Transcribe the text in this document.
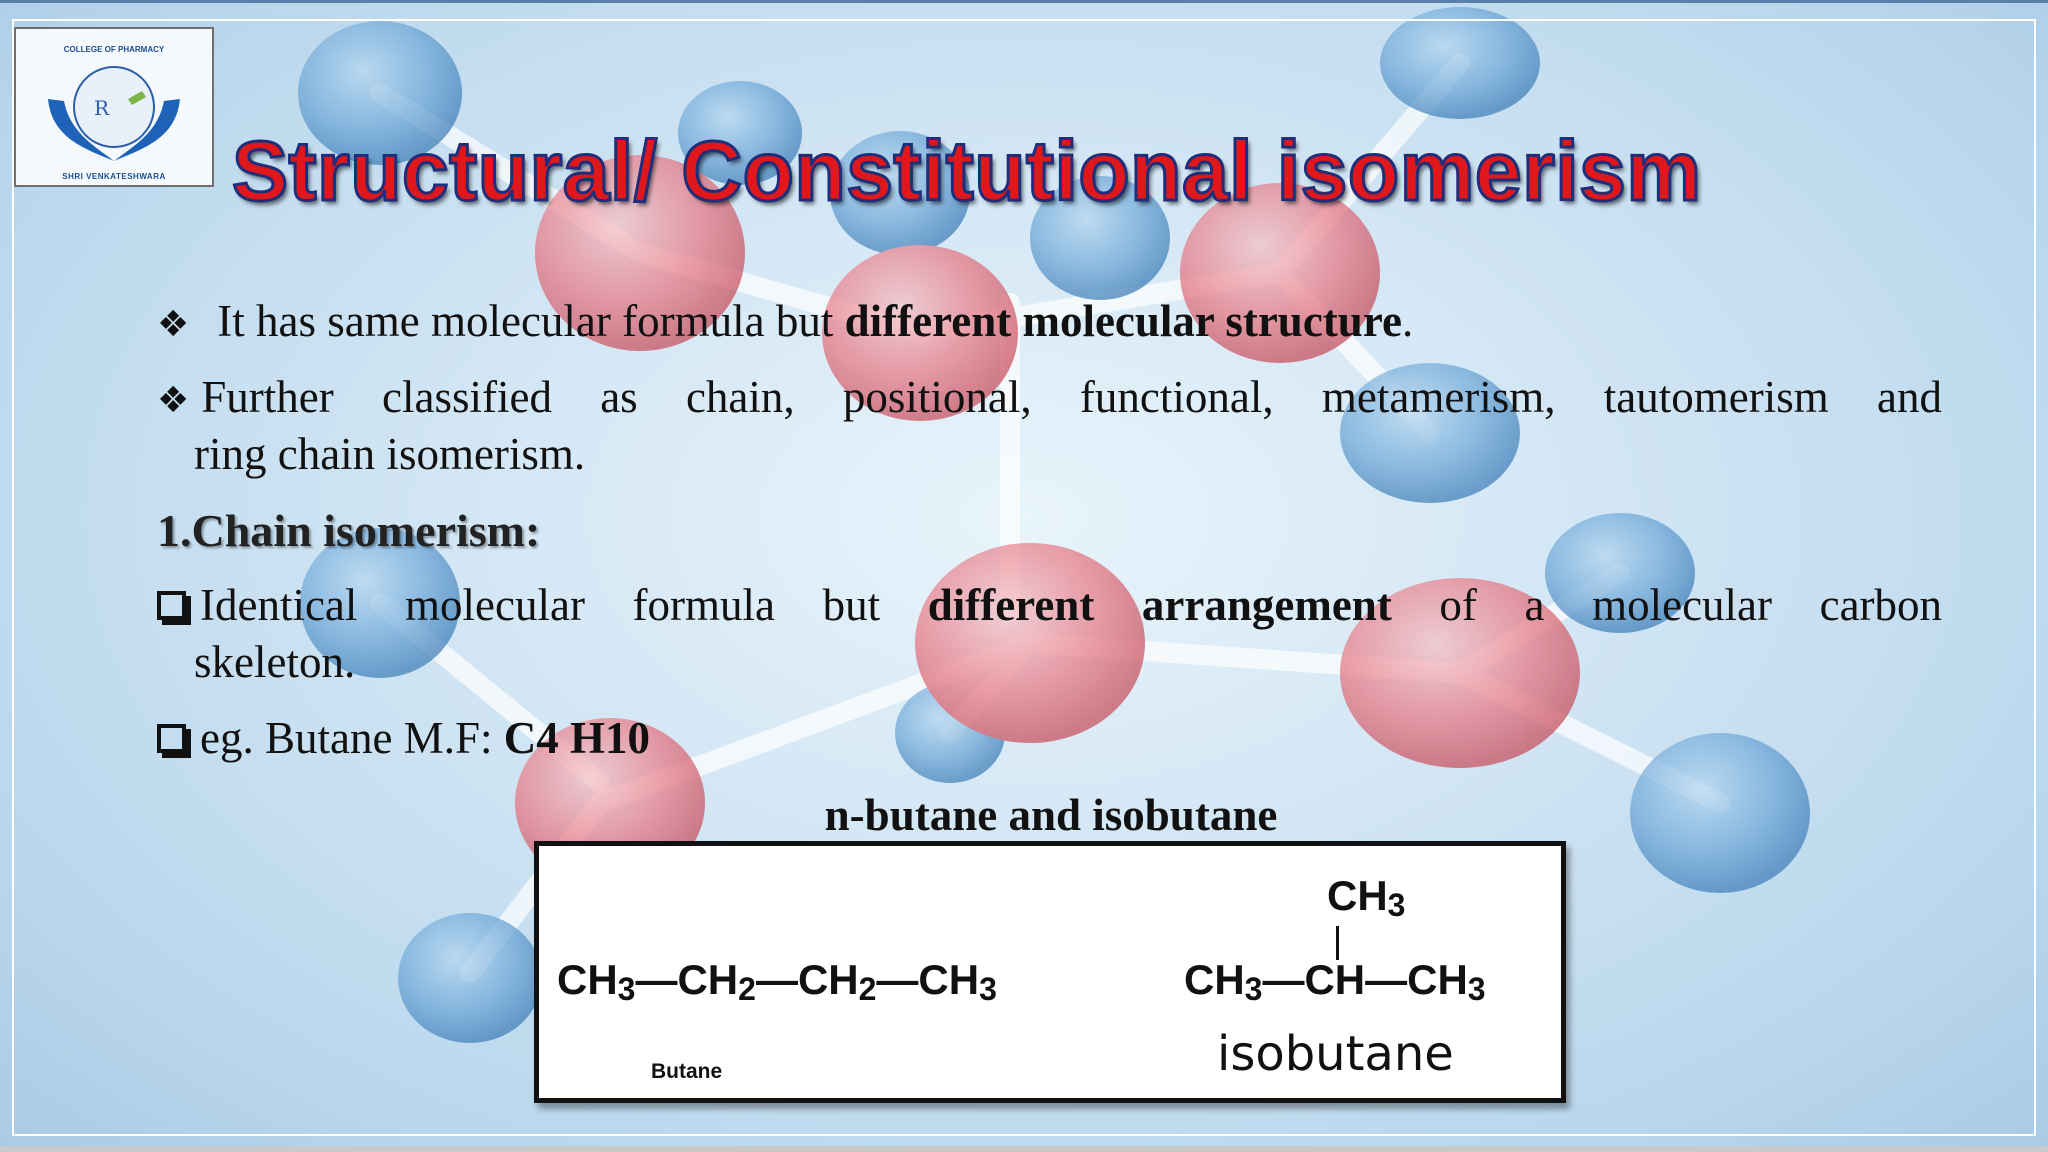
COLLEGE OF PHARMACY
R
SHRI VENKATESHWARA Structural/ Constitutional isomerism

❖ It has same molecular formula but different molecular structure.

❖ Further classified as chain, positional, functional, metamerism, tautomerism and

ring chain isomerism.

1.Chain isomerism:

Identical molecular formula but different arrangement of a molecular carbon

skeleton.

eg. Butane M.F: C4 H10

n-butane and isobutane

$CH_3—CH_2—CH_2—CH_3$
Butane
$CH_3$
$CH_3—CH—CH_3$
isobutane
